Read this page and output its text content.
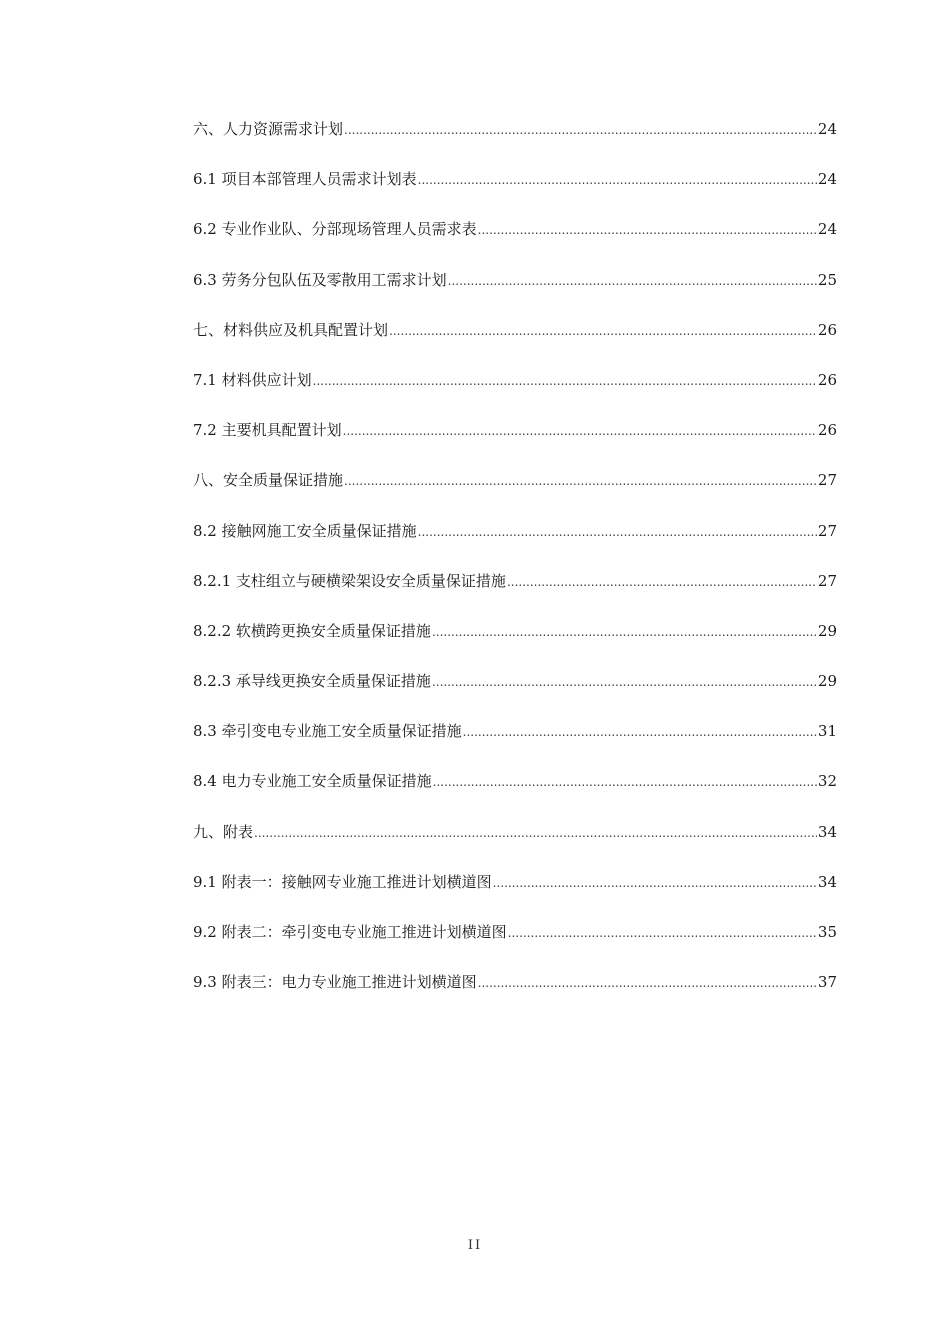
六、人力资源需求计划 .....	24
6.1 项目本部管理人员需求计划表 .....	24
6.2 专业作业队、分部现场管理人员需求表 .....	24
6.3 劳务分包队伍及零散用工需求计划 .....	25
七、材料供应及机具配置计划 .....	26
7.1 材料供应计划 .....	26
7.2 主要机具配置计划 .....	26
八、安全质量保证措施 .....	27
8.2 接触网施工安全质量保证措施 .....	27
8.2.1 支柱组立与硬横梁架设安全质量保证措施 .....	27
8.2.2 软横跨更换安全质量保证措施 .....	29
8.2.3 承导线更换安全质量保证措施 .....	29
8.3 牵引变电专业施工安全质量保证措施 .....	31
8.4 电力专业施工安全质量保证措施 .....	32
九、附表 .....	34
9.1 附表一：接触网专业施工推进计划横道图 .....	34
9.2 附表二：牵引变电专业施工推进计划横道图 .....	35
9.3 附表三：电力专业施工推进计划横道图 .....	37
II
